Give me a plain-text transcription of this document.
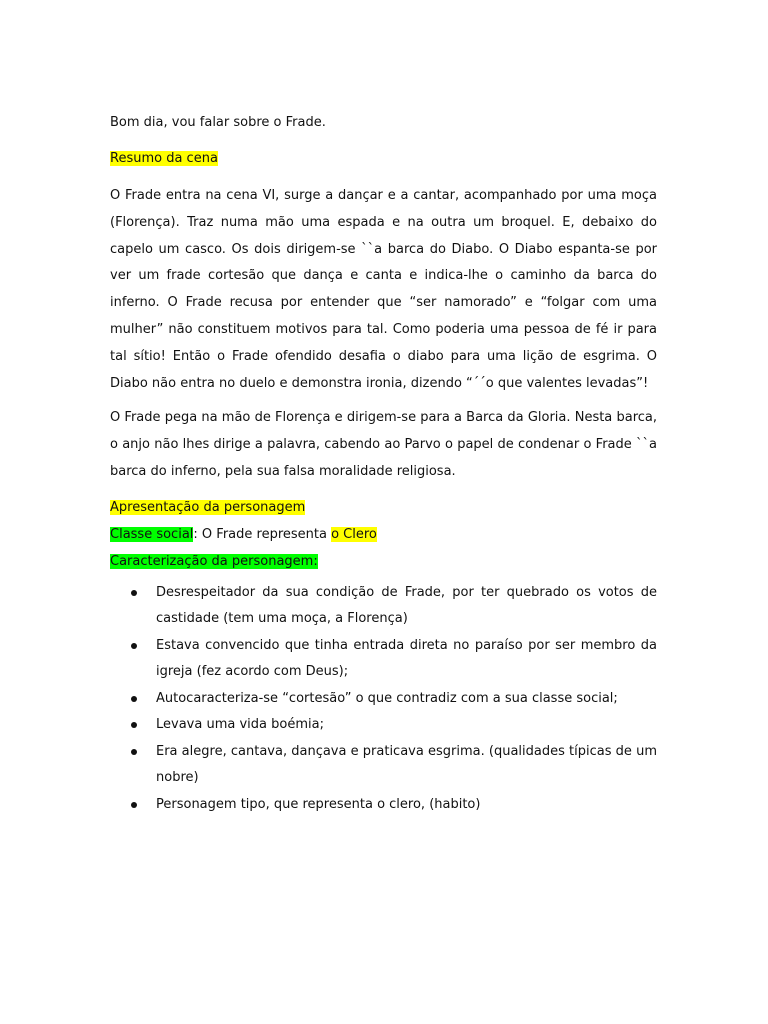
Bom dia, vou falar sobre o Frade.

Resumo da cena

O Frade entra na cena VI, surge a dançar e a cantar, acompanhado por uma moça (Florença). Traz numa mão uma espada e na outra um broquel. E, debaixo do capelo um casco. Os dois dirigem-se ``a barca do Diabo. O Diabo espanta-se por ver um frade cortesão que dança e canta e indica-lhe o caminho da barca do inferno. O Frade recusa por entender que “ser namorado” e “folgar com uma mulher” não constituem motivos para tal. Como poderia uma pessoa de fé ir para tal sítio! Então o Frade ofendido desafia o diabo para uma lição de esgrima. O Diabo não entra no duelo e demonstra ironia, dizendo “´´o que valentes levadas”!

O Frade pega na mão de Florença e dirigem-se para a Barca da Gloria. Nesta barca, o anjo não lhes dirige a palavra, cabendo ao Parvo o papel de condenar o Frade ``a barca do inferno, pela sua falsa moralidade religiosa.

Apresentação da personagem

Classe social: O Frade representa o Clero

Caracterização da personagem:

Desrespeitador da sua condição de Frade, por ter quebrado os votos de castidade (tem uma moça, a Florença)
Estava convencido que tinha entrada direta no paraíso por ser membro da igreja (fez acordo com Deus);
Autocaracteriza-se “cortesão” o que contradiz com a sua classe social;
Levava uma vida boémia;
Era alegre, cantava, dançava e praticava esgrima. (qualidades típicas de um nobre)
Personagem tipo, que representa o clero, (habito)
